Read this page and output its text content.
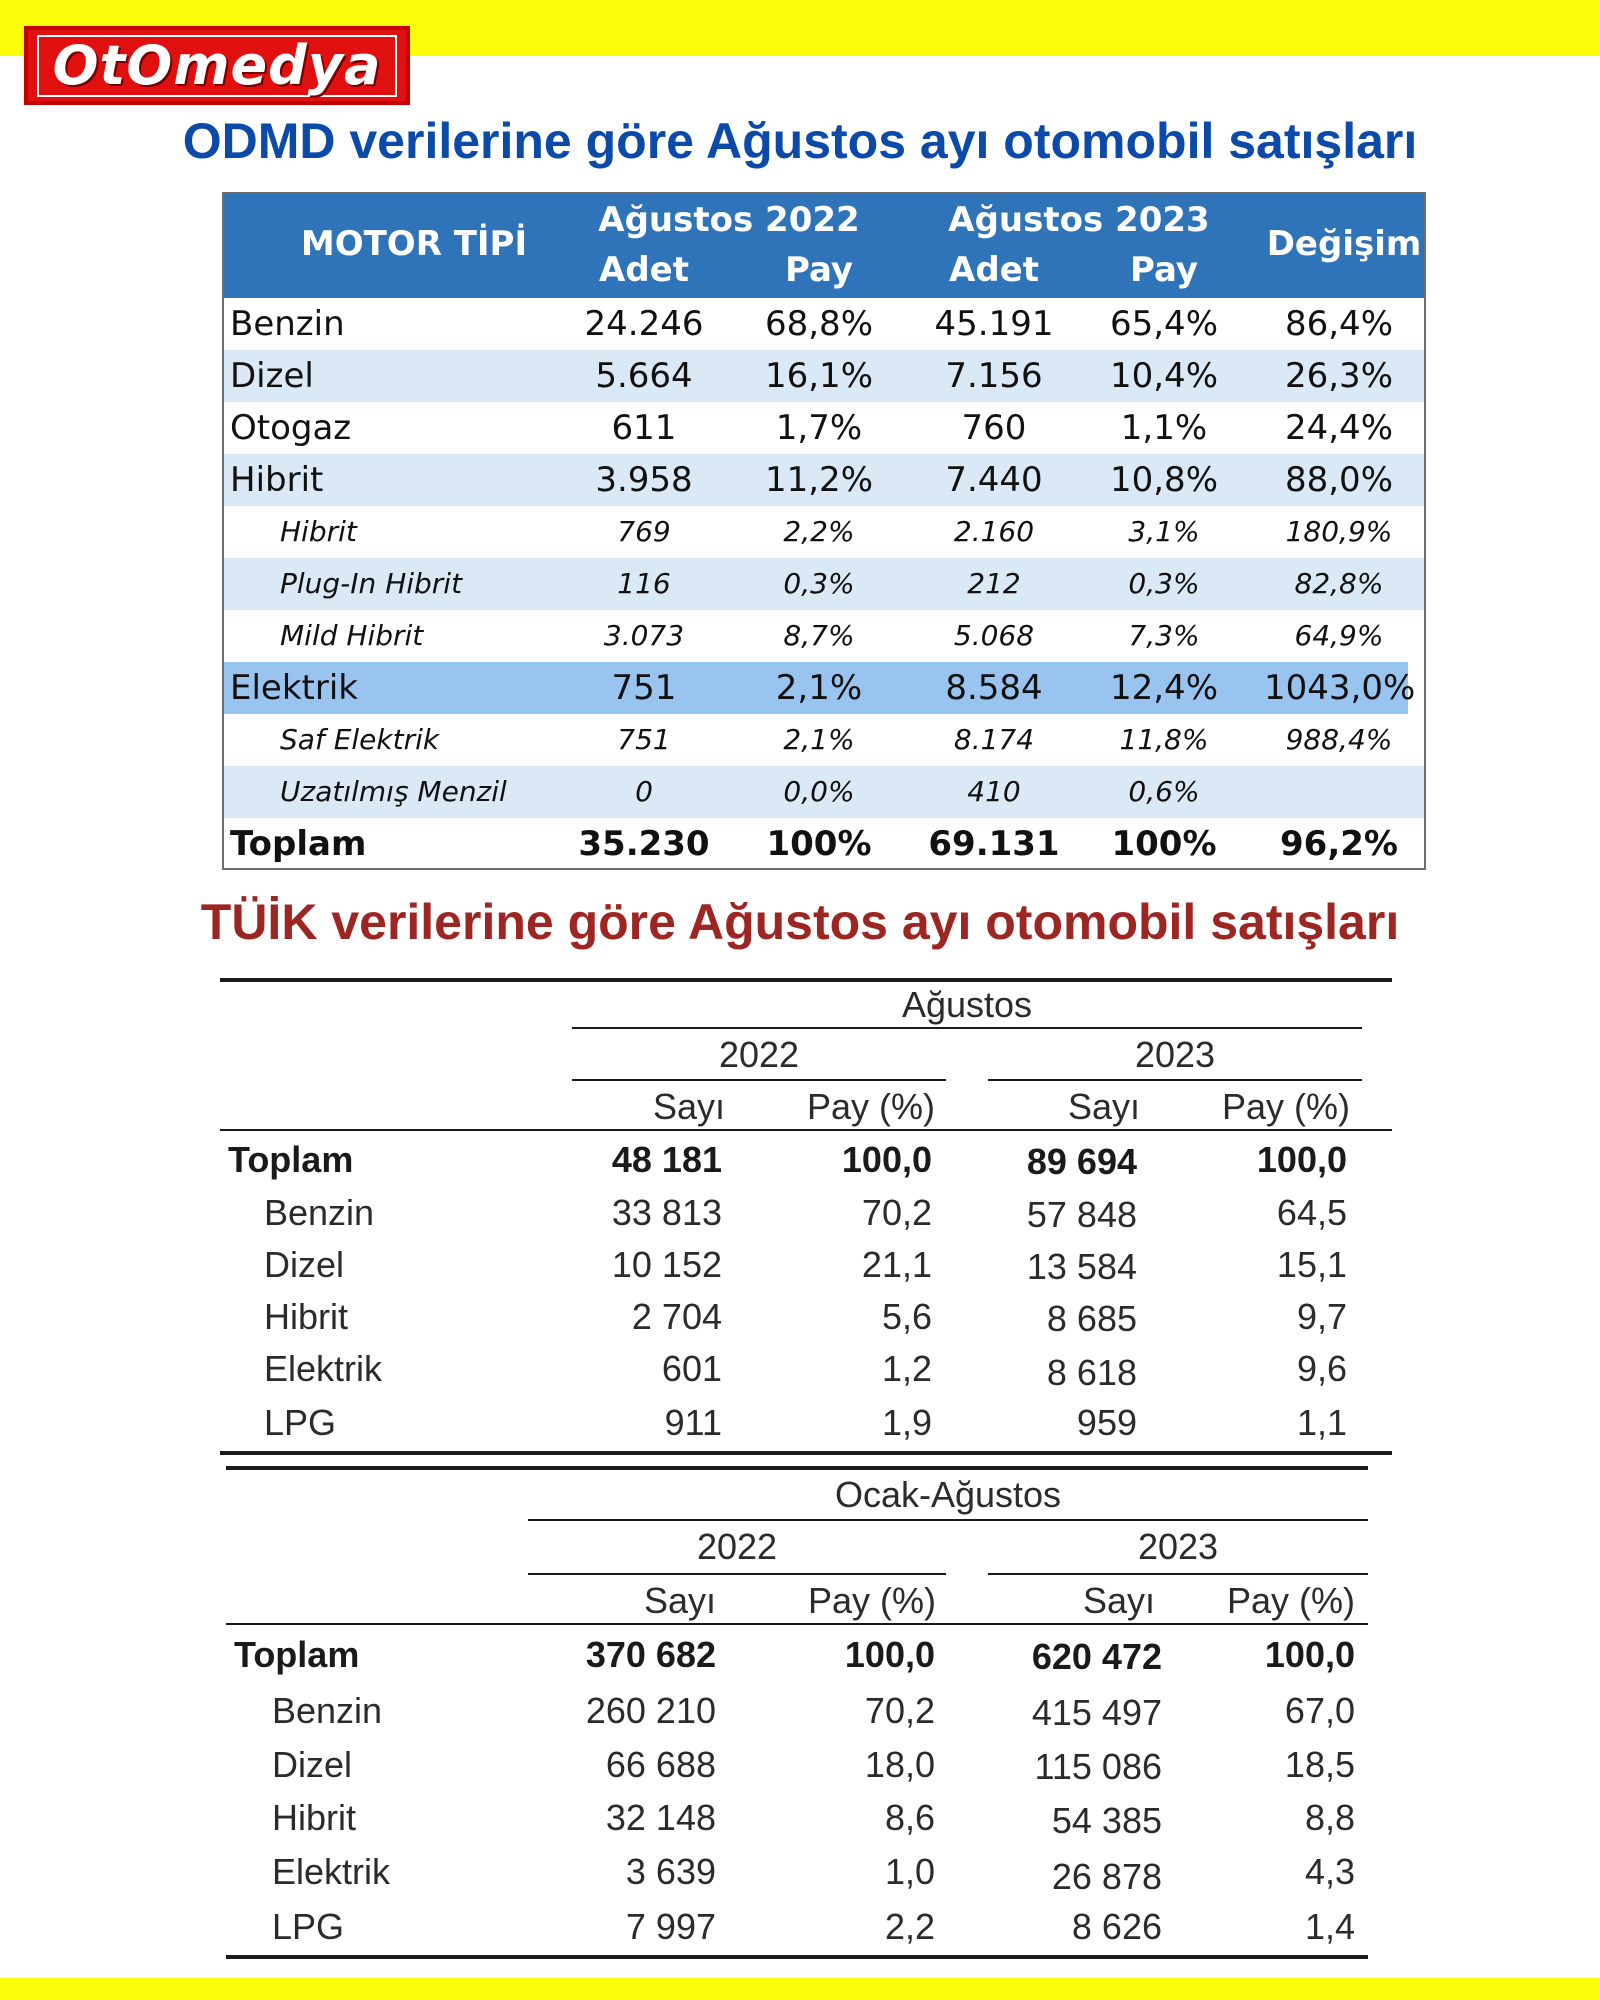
OtOmedya
ODMD verilerine göre Ağustos ayı otomobil satışları
MOTOR TİPİ
Ağustos 2022	Ağustos 2023
Adet	Pay	Adet	Pay
Değişim
Benzin	24.246	68,8%	45.191	65,4%	86,4%
Dizel	5.664	16,1%	7.156	10,4%	26,3%
Otogaz	611	1,7%	760	1,1%	24,4%
Hibrit	3.958	11,2%	7.440	10,8%	88,0%
Hibrit	769	2,2%	2.160	3,1%	180,9%
Plug-In Hibrit	116	0,3%	212	0,3%	82,8%
Mild Hibrit	3.073	8,7%	5.068	7,3%	64,9%
Elektrik	751	2,1%	8.584	12,4%	1043,0%
Saf Elektrik	751	2,1%	8.174	11,8%	988,4%
Uzatılmış Menzil	0	0,0%	410	0,6%
Toplam	35.230	100%	69.131	100%	96,2%
TÜİK verilerine göre Ağustos ayı otomobil satışları
Ağustos
2022	2023
Sayı	Pay (%)	Sayı	Pay (%)
Toplam	48 181	100,0	89 694	100,0
Benzin	33 813	70,2	57 848	64,5
Dizel	10 152	21,1	13 584	15,1
Hibrit	2 704	5,6	8 685	9,7
Elektrik	601	1,2	8 618	9,6
LPG	911	1,9	959	1,1
Ocak-Ağustos
2022	2023
Sayı	Pay (%)	Sayı	Pay (%)
Toplam	370 682	100,0	620 472	100,0
Benzin	260 210	70,2	415 497	67,0
Dizel	66 688	18,0	115 086	18,5
Hibrit	32 148	8,6	54 385	8,8
Elektrik	3 639	1,0	26 878	4,3
LPG	7 997	2,2	8 626	1,4
